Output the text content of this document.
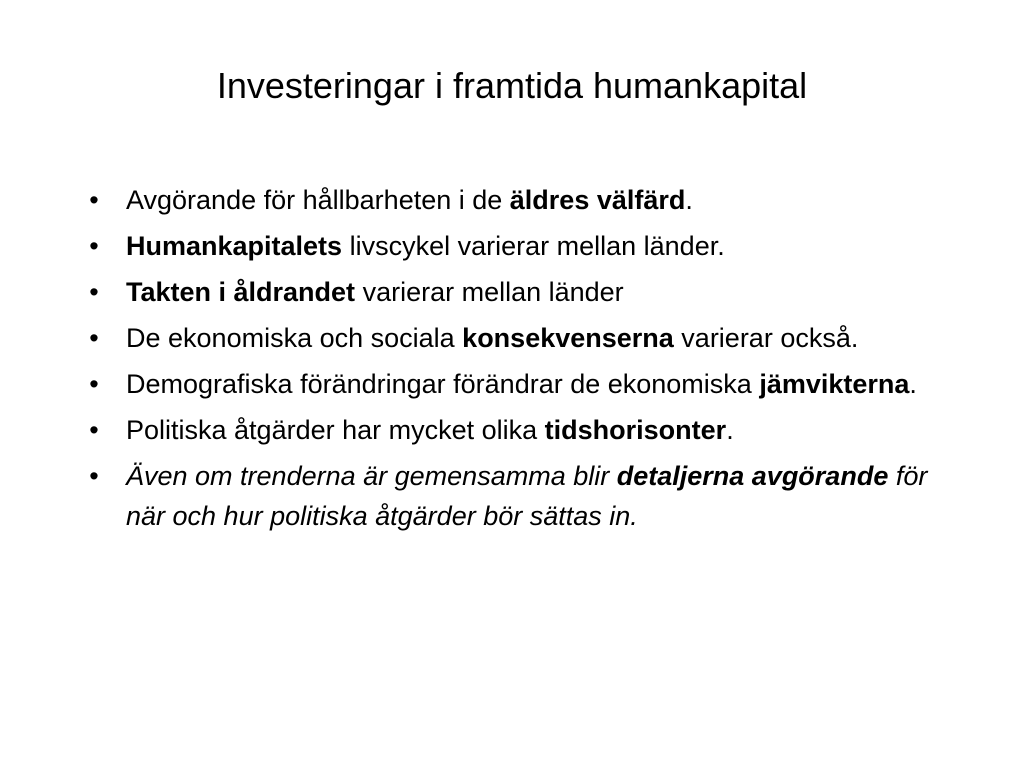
Investeringar i framtida humankapital
• Avgörande för hållbarheten i de äldres välfärd.
• Humankapitalets livscykel varierar mellan länder.
• Takten i åldrandet varierar mellan länder
• De ekonomiska och sociala konsekvenserna varierar också.
• Demografiska förändringar förändrar de ekonomiska jämvikterna.
• Politiska åtgärder har mycket olika tidshorisonter.
• Även om trenderna är gemensamma blir detaljerna avgörande för när och hur politiska åtgärder bör sättas in.
